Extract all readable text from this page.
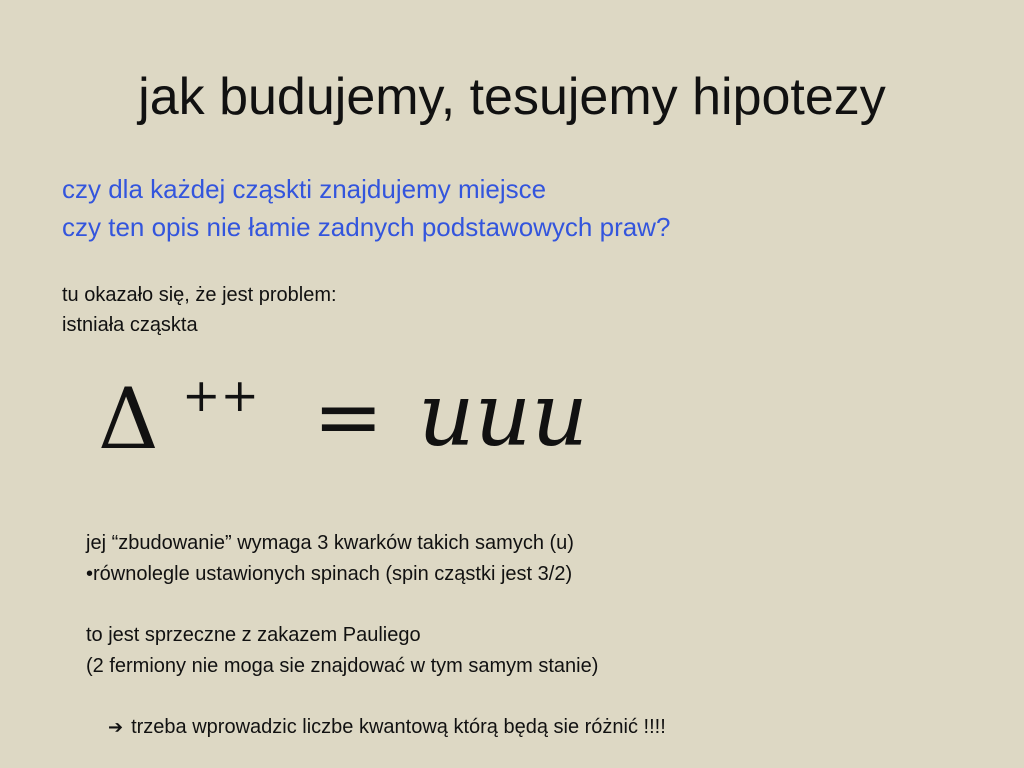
jak budujemy, tesujemy hipotezy
czy dla każdej cząskti znajdujemy miejsce
czy ten opis nie łamie zadnych podstawowych praw?
tu okazało się, że jest problem:
istniała cząskta
Δ ++ = uuu
jej “zbudowanie” wymaga 3 kwarków takich samych (u)
•równolegle ustawionych spinach (spin cząstki jest 3/2)
to jest sprzeczne z zakazem Pauliego
(2 fermiony nie moga sie znajdować w tym samym stanie)
➔ trzeba wprowadzic liczbe kwantową którą będą sie różnić !!!!
